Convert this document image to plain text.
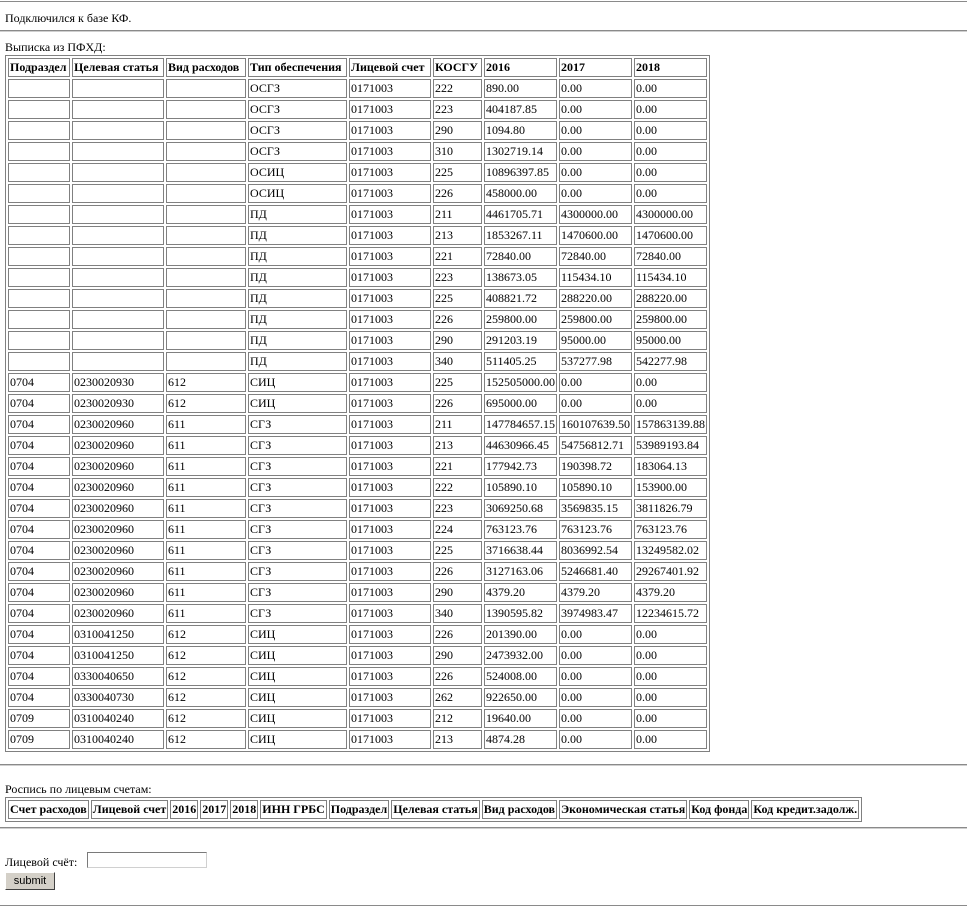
Подключился к базе КФ.
Выписка из ПФХД:
Подраздел	Целевая статья	Вид расходов	Тип обеспечения	Лицевой счет	КОСГУ	2016	2017	2018
			ОСГЗ	0171003	222	890.00	0.00	0.00
			ОСГЗ	0171003	223	404187.85	0.00	0.00
			ОСГЗ	0171003	290	1094.80	0.00	0.00
			ОСГЗ	0171003	310	1302719.14	0.00	0.00
			ОСИЦ	0171003	225	10896397.85	0.00	0.00
			ОСИЦ	0171003	226	458000.00	0.00	0.00
			ПД	0171003	211	4461705.71	4300000.00	4300000.00
			ПД	0171003	213	1853267.11	1470600.00	1470600.00
			ПД	0171003	221	72840.00	72840.00	72840.00
			ПД	0171003	223	138673.05	115434.10	115434.10
			ПД	0171003	225	408821.72	288220.00	288220.00
			ПД	0171003	226	259800.00	259800.00	259800.00
			ПД	0171003	290	291203.19	95000.00	95000.00
			ПД	0171003	340	511405.25	537277.98	542277.98
0704	0230020930	612	СИЦ	0171003	225	152505000.00	0.00	0.00
0704	0230020930	612	СИЦ	0171003	226	695000.00	0.00	0.00
0704	0230020960	611	СГЗ	0171003	211	147784657.15	160107639.50	157863139.88
0704	0230020960	611	СГЗ	0171003	213	44630966.45	54756812.71	53989193.84
0704	0230020960	611	СГЗ	0171003	221	177942.73	190398.72	183064.13
0704	0230020960	611	СГЗ	0171003	222	105890.10	105890.10	153900.00
0704	0230020960	611	СГЗ	0171003	223	3069250.68	3569835.15	3811826.79
0704	0230020960	611	СГЗ	0171003	224	763123.76	763123.76	763123.76
0704	0230020960	611	СГЗ	0171003	225	3716638.44	8036992.54	13249582.02
0704	0230020960	611	СГЗ	0171003	226	3127163.06	5246681.40	29267401.92
0704	0230020960	611	СГЗ	0171003	290	4379.20	4379.20	4379.20
0704	0230020960	611	СГЗ	0171003	340	1390595.82	3974983.47	12234615.72
0704	0310041250	612	СИЦ	0171003	226	201390.00	0.00	0.00
0704	0310041250	612	СИЦ	0171003	290	2473932.00	0.00	0.00
0704	0330040650	612	СИЦ	0171003	226	524008.00	0.00	0.00
0704	0330040730	612	СИЦ	0171003	262	922650.00	0.00	0.00
0709	0310040240	612	СИЦ	0171003	212	19640.00	0.00	0.00
0709	0310040240	612	СИЦ	0171003	213	4874.28	0.00	0.00
Роспись по лицевым счетам:
Счет расходов	Лицевой счет	2016	2017	2018	ИНН ГРБС	Подраздел	Целевая статья	Вид расходов	Экономическая статья	Код фонда	Код кредит.задолж.
Лицевой счёт:
submit
